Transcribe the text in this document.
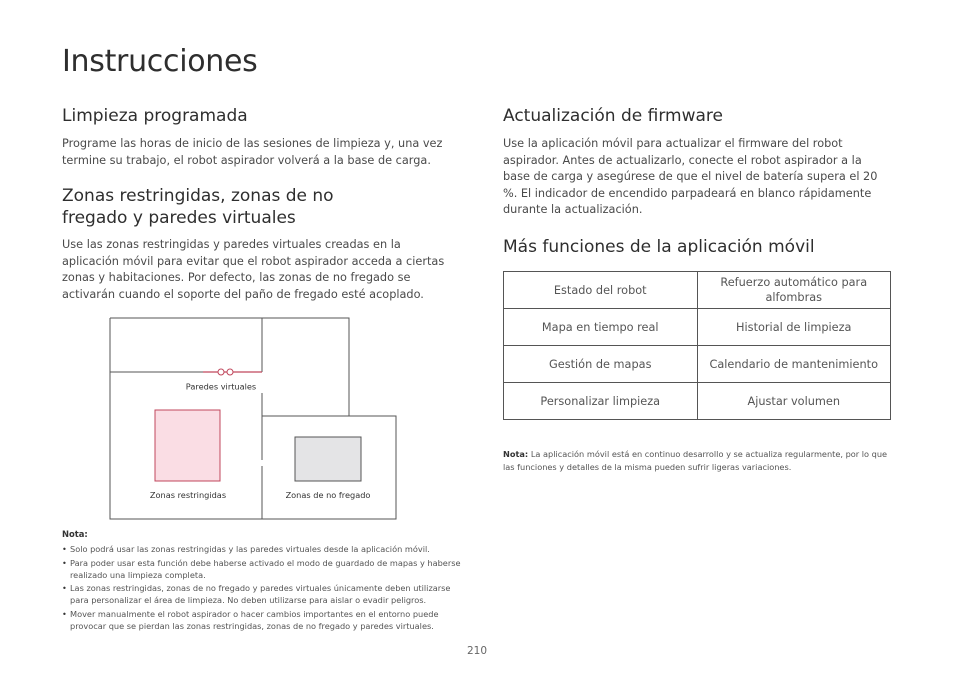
Instrucciones
Limpieza programada
Programe las horas de inicio de las sesiones de limpieza y, una vez termine su trabajo, el robot aspirador volverá a la base de carga.
Zonas restringidas, zonas de no
fregado y paredes virtuales
Use las zonas restringidas y paredes virtuales creadas en la aplicación móvil para evitar que el robot aspirador acceda a ciertas zonas y habitaciones. Por defecto, las zonas de no fregado se activarán cuando el soporte del paño de fregado esté acoplado.
Paredes virtuales
Zonas restringidas	Zonas de no fregado
Nota:
• Solo podrá usar las zonas restringidas y las paredes virtuales desde la aplicación móvil.
• Para poder usar esta función debe haberse activado el modo de guardado de mapas y haberse realizado una limpieza completa.
• Las zonas restringidas, zonas de no fregado y paredes virtuales únicamente deben utilizarse para personalizar el área de limpieza. No deben utilizarse para aislar o evadir peligros.
• Mover manualmente el robot aspirador o hacer cambios importantes en el entorno puede provocar que se pierdan las zonas restringidas, zonas de no fregado y paredes virtuales.
Actualización de firmware
Use la aplicación móvil para actualizar el firmware del robot aspirador. Antes de actualizarlo, conecte el robot aspirador a la base de carga y asegúrese de que el nivel de batería supera el 20 %. El indicador de encendido parpadeará en blanco rápidamente durante la actualización.
Más funciones de la aplicación móvil
Estado del robot	Refuerzo automático para alfombras
Mapa en tiempo real	Historial de limpieza
Gestión de mapas	Calendario de mantenimiento
Personalizar limpieza	Ajustar volumen
Nota: La aplicación móvil está en continuo desarrollo y se actualiza regularmente, por lo que las funciones y detalles de la misma pueden sufrir ligeras variaciones.
210
